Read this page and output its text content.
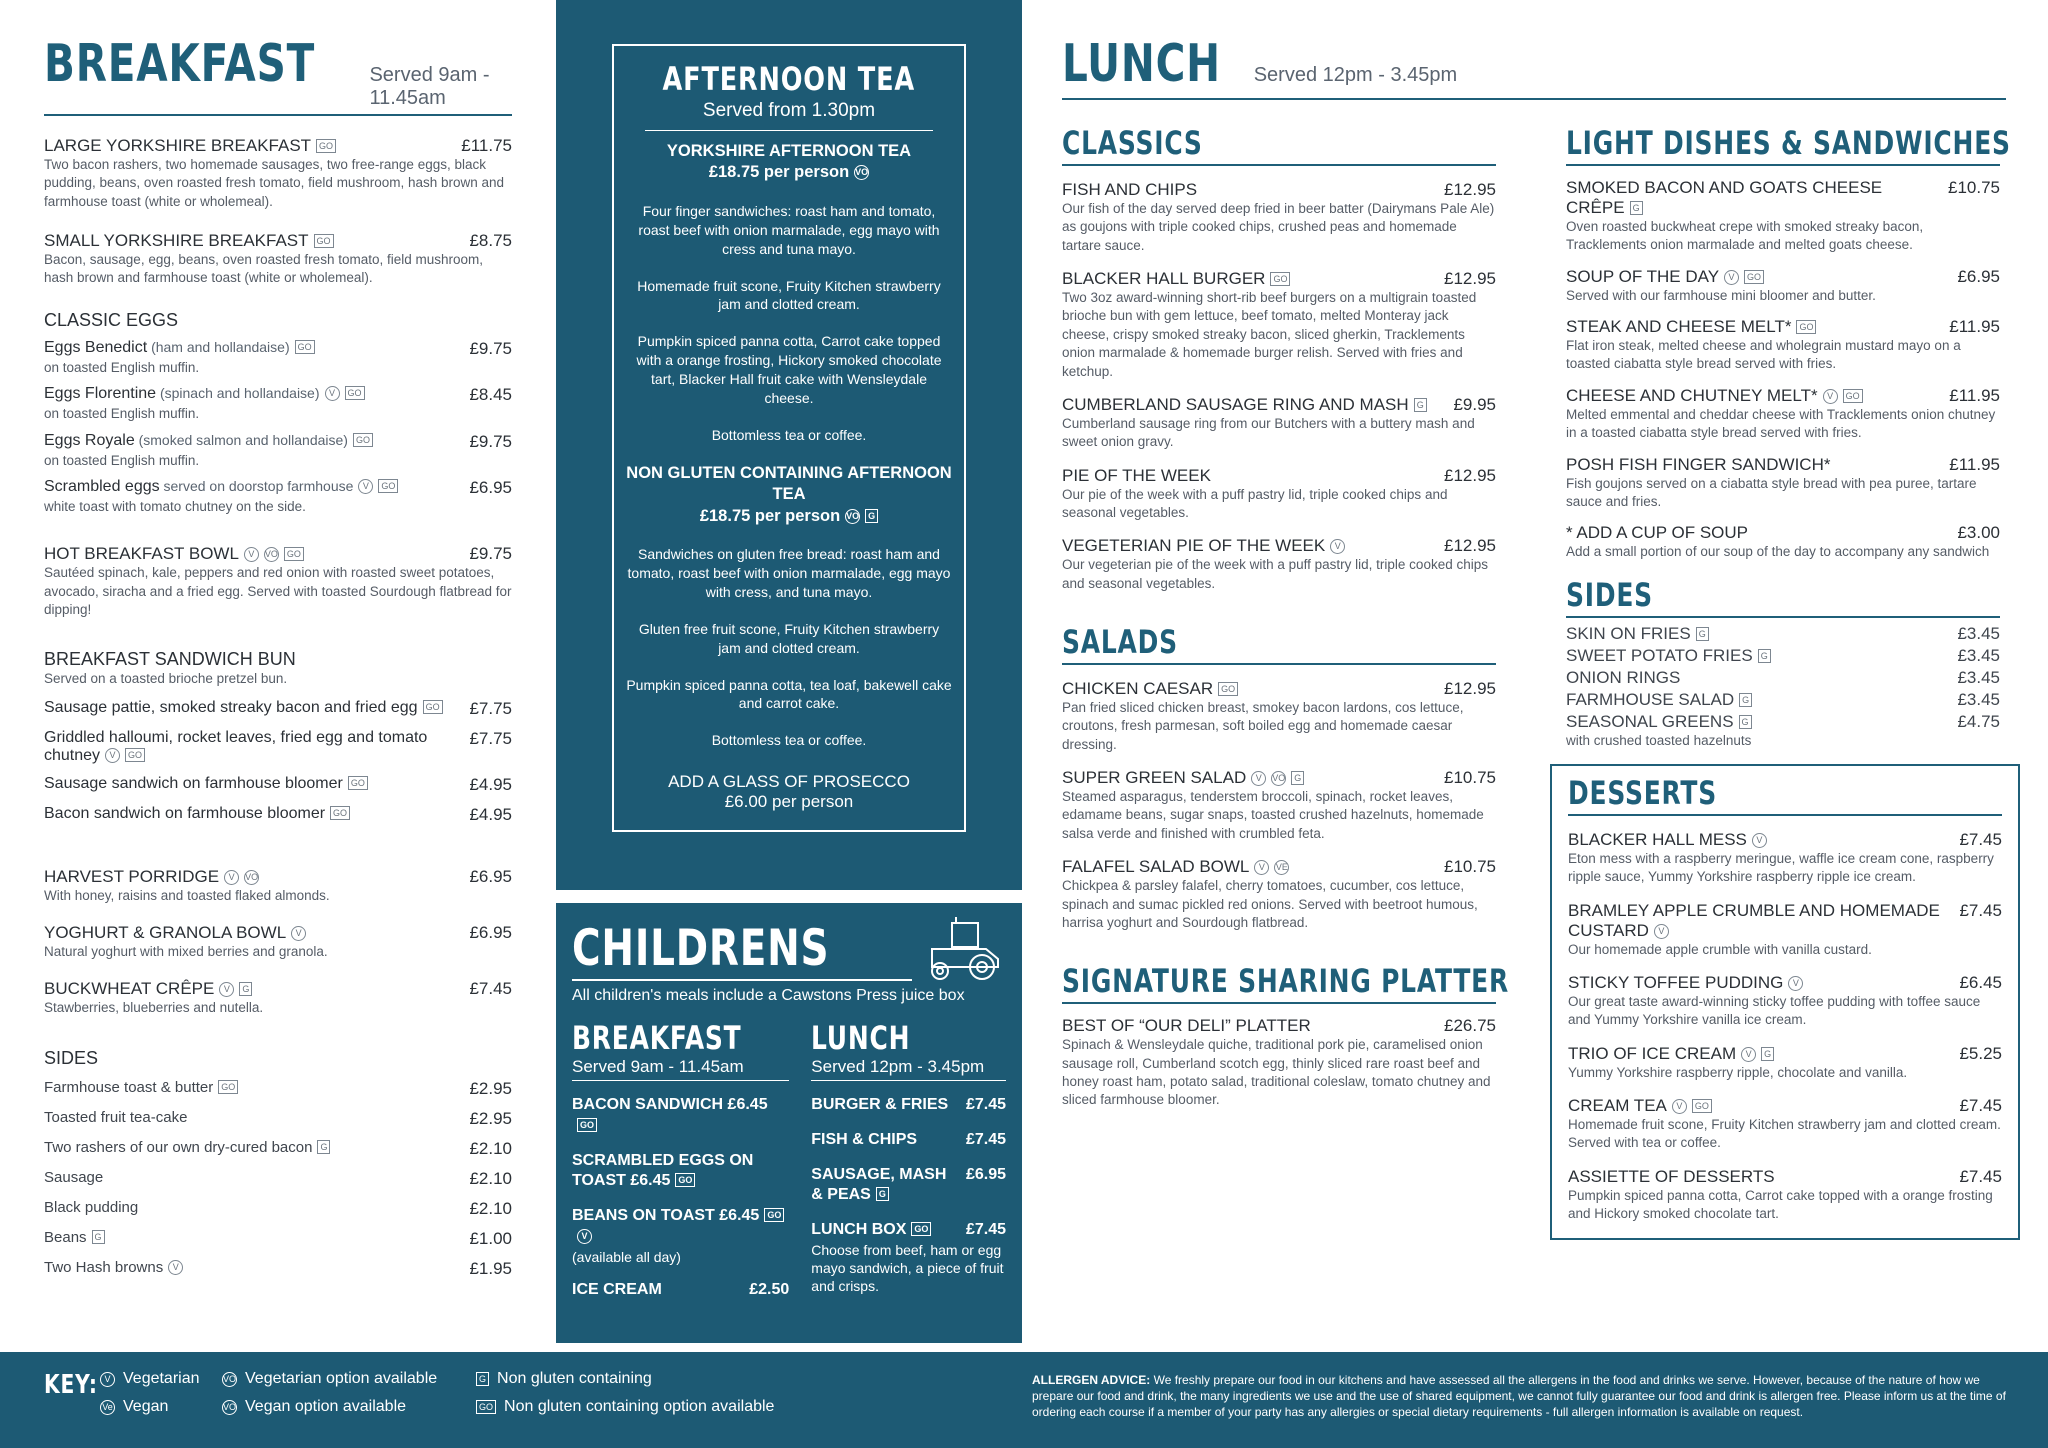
BREAKFAST	Served 9am - 11.45am
LARGE YORKSHIRE BREAKFAST GO	£11.75
Two bacon rashers, two homemade sausages, two free-range eggs, black pudding, beans, oven roasted fresh tomato, field mushroom, hash brown and farmhouse toast (white or wholemeal).
SMALL YORKSHIRE BREAKFAST GO	£8.75
Bacon, sausage, egg, beans, oven roasted fresh tomato, field mushroom, hash brown and farmhouse toast (white or wholemeal).
CLASSIC EGGS
Eggs Benedict (ham and hollandaise) GO	£9.75
on toasted English muffin.
Eggs Florentine (spinach and hollandaise) V GO	£8.45
on toasted English muffin.
Eggs Royale (smoked salmon and hollandaise) GO	£9.75
on toasted English muffin.
Scrambled eggs served on doorstop farmhouse V GO	£6.95
white toast with tomato chutney on the side.
HOT BREAKFAST BOWL V VO GO	£9.75
Sautéed spinach, kale, peppers and red onion with roasted sweet potatoes, avocado, siracha and a fried egg. Served with toasted Sourdough flatbread for dipping!
BREAKFAST SANDWICH BUN
Served on a toasted brioche pretzel bun.
Sausage pattie, smoked streaky bacon and fried egg GO £7.75
Griddled halloumi, rocket leaves, fried egg and tomato chutney V GO
£7.75
Sausage sandwich on farmhouse bloomer GO	£4.95
Bacon sandwich on farmhouse bloomer GO	£4.95
HARVEST PORRIDGE V VO	£6.95
With honey, raisins and toasted flaked almonds.
YOGHURT & GRANOLA BOWL V	£6.95
Natural yoghurt with mixed berries and granola.
BUCKWHEAT CRÊPE V G	£7.45
Stawberries, blueberries and nutella.
SIDES
Farmhouse toast & butter GO	£2.95
Toasted fruit tea-cake	£2.95
Two rashers of our own dry-cured bacon G	£2.10
Sausage	£2.10
Black pudding	£2.10
Beans G	£1.00
Two Hash browns V	£1.95
AFTERNOON TEA
Served from 1.30pm
YORKSHIRE AFTERNOON TEA
£18.75 per person VO
Four finger sandwiches: roast ham and tomato, roast beef with onion marmalade, egg mayo with cress and tuna mayo.
Homemade fruit scone, Fruity Kitchen strawberry jam and clotted cream.
Pumpkin spiced panna cotta, Carrot cake topped with a orange frosting, Hickory smoked chocolate tart, Blacker Hall fruit cake with Wensleydale cheese.
Bottomless tea or coffee.
NON GLUTEN CONTAINING AFTERNOON TEA
£18.75 per person VO G
Sandwiches on gluten free bread: roast ham and tomato, roast beef with onion marmalade, egg mayo with cress, and tuna mayo.
Gluten free fruit scone, Fruity Kitchen strawberry jam and clotted cream.
Pumpkin spiced panna cotta, tea loaf, bakewell cake and carrot cake.
Bottomless tea or coffee.
ADD A GLASS OF PROSECCO
£6.00 per person
CHILDRENS
All children's meals include a Cawstons Press juice box
BREAKFAST
Served 9am - 11.45am
BACON SANDWICH £6.45GO
SCRAMBLED EGGS ON TOAST £6.45 GO
BEANS ON TOAST £6.45 GOV
(available all day)
ICE CREAM	£2.50
LUNCH
Served 12pm - 3.45pm
BURGER & FRIES £7.45
FISH & CHIPS	£7.45
SAUSAGE, MASH & PEAS G
£6.95
LUNCH BOX GO £7.45
Choose from beef, ham or egg mayo sandwich, a piece of fruit and crisps.
LUNCH Served 12pm - 3.45pm
CLASSICS
FISH AND CHIPS	£12.95
Our fish of the day served deep fried in beer batter (Dairymans Pale Ale) as goujons with triple cooked chips, crushed peas and homemade tartare sauce.
BLACKER HALL BURGER GO	£12.95
Two 3oz award-winning short-rib beef burgers on a multigrain toasted brioche bun with gem lettuce, beef tomato, melted Monteray jack cheese, crispy smoked streaky bacon, sliced gherkin, Tracklements onion marmalade & homemade burger relish. Served with fries and ketchup.
CUMBERLAND SAUSAGE RING AND MASH G £9.95
Cumberland sausage ring from our Butchers with a buttery mash and sweet onion gravy.
PIE OF THE WEEK	£12.95
Our pie of the week with a puff pastry lid, triple cooked chips and seasonal vegetables.
VEGETERIAN PIE OF THE WEEK V	£12.95
Our vegeterian pie of the week with a puff pastry lid, triple cooked chips and seasonal vegetables.
SALADS
CHICKEN CAESAR GO	£12.95
Pan fried sliced chicken breast, smokey bacon lardons, cos lettuce, croutons, fresh parmesan, soft boiled egg and homemade caesar dressing.
SUPER GREEN SALAD V VO G	£10.75
Steamed asparagus, tenderstem broccoli, spinach, rocket leaves, edamame beans, sugar snaps, toasted crushed hazelnuts, homemade salsa verde and finished with crumbled feta.
FALAFEL SALAD BOWL V VE	£10.75
Chickpea & parsley falafel, cherry tomatoes, cucumber, cos lettuce, spinach and sumac pickled red onions. Served with beetroot humous, harrisa yoghurt and Sourdough flatbread.
SIGNATURE SHARING PLATTER
BEST OF “OUR DELI” PLATTER	£26.75
Spinach & Wensleydale quiche, traditional pork pie, caramelised onion sausage roll, Cumberland scotch egg, thinly sliced rare roast beef and honey roast ham, potato salad, traditional coleslaw, tomato chutney and sliced farmhouse bloomer.
LIGHT DISHES & SANDWICHES
SMOKED BACON AND GOATS CHEESE CRÊPE G
£10.75
Oven roasted buckwheat crepe with smoked streaky bacon, Tracklements onion marmalade and melted goats cheese.
SOUP OF THE DAY V GO	£6.95
Served with our farmhouse mini bloomer and butter.
STEAK AND CHEESE MELT* GO	£11.95
Flat iron steak, melted cheese and wholegrain mustard mayo on a toasted ciabatta style bread served with fries.
CHEESE AND CHUTNEY MELT* V GO	£11.95
Melted emmental and cheddar cheese with Tracklements onion chutney in a toasted ciabatta style bread served with fries.
POSH FISH FINGER SANDWICH*	£11.95
Fish goujons served on a ciabatta style bread with pea puree, tartare sauce and fries.
* ADD A CUP OF SOUP	£3.00
Add a small portion of our soup of the day to accompany any sandwich
SIDES
SKIN ON FRIES G	£3.45
SWEET POTATO FRIES G	£3.45
ONION RINGS	£3.45
FARMHOUSE SALAD G	£3.45
SEASONAL GREENS G	£4.75
with crushed toasted hazelnuts
DESSERTS
BLACKER HALL MESS V	£7.45
Eton mess with a raspberry meringue, waffle ice cream cone, raspberry ripple sauce, Yummy Yorkshire raspberry ripple ice cream.
BRAMLEY APPLE CRUMBLE AND HOMEMADE CUSTARD V
£7.45
Our homemade apple crumble with vanilla custard.
STICKY TOFFEE PUDDING V	£6.45
Our great taste award-winning sticky toffee pudding with toffee sauce and Yummy Yorkshire vanilla ice cream.
TRIO OF ICE CREAM V G	£5.25
Yummy Yorkshire raspberry ripple, chocolate and vanilla.
CREAM TEA V GO	£7.45
Homemade fruit scone, Fruity Kitchen strawberry jam and clotted cream. Served with tea or coffee.
ASSIETTE OF DESSERTS	£7.45
Pumpkin spiced panna cotta, Carrot cake topped with a orange frosting and Hickory smoked chocolate tart.
KEY: V Vegetarian
Ve Vegan
VO Vegetarian option available
VO Vegan option available
G Non gluten containing
GO Non gluten containing option available
ALLERGEN ADVICE: We freshly prepare our food in our kitchens and have assessed all the allergens in the food and drinks we serve. However, because of the nature of how we prepare our food and drink, the many ingredients we use and the use of shared equipment, we cannot fully guarantee our food and drink is allergen free. Please inform us at the time of ordering each course if a member of your party has any allergies or special dietary requirements - full allergen information is available on request.
